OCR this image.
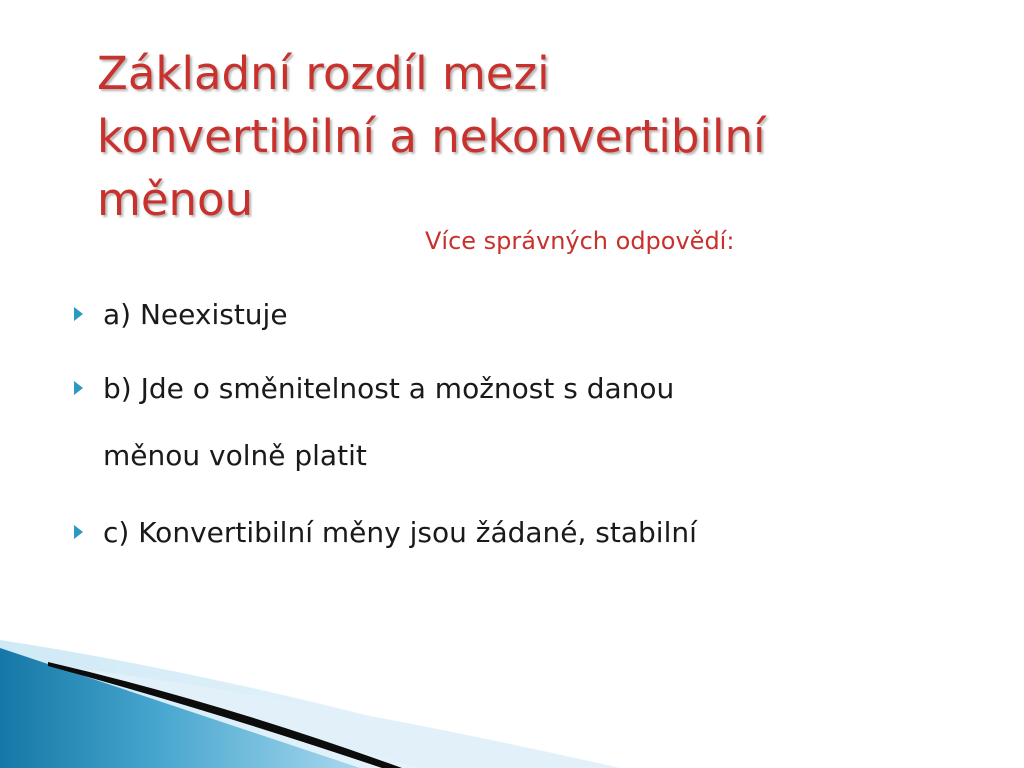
Základní rozdíl mezi
konvertibilní a nekonvertibilní
měnou
Více správných odpovědí:
a) Neexistuje
b) Jde o směnitelnost a možnost s danou
měnou volně platit
c) Konvertibilní měny jsou žádané, stabilní
